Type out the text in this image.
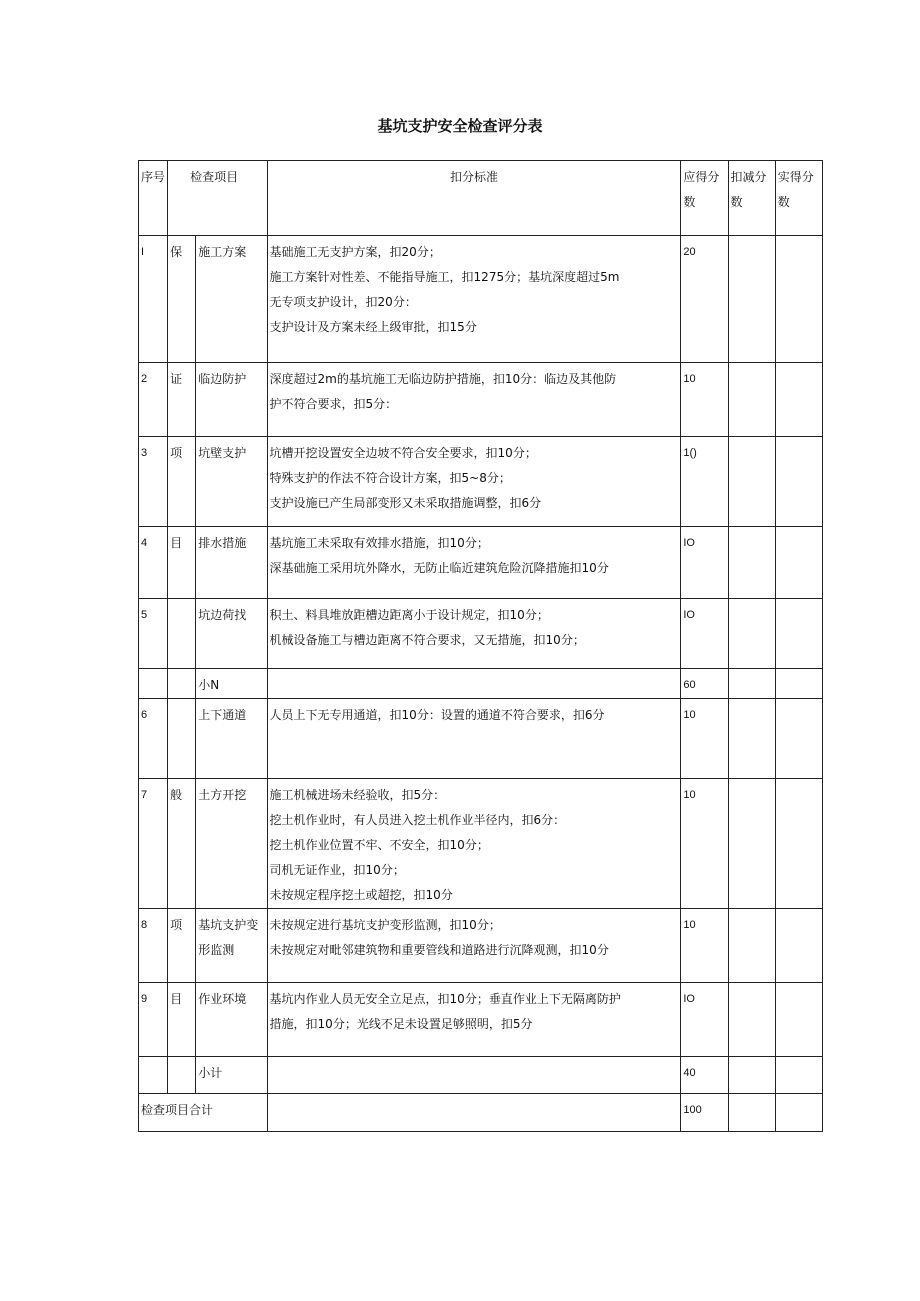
基坑支护安全检查评分表
序号	检查项目		扣分标准	应得分数	扣减分数	实得分数
I	保	施工方案	基础施工无支护方案，扣20分；
施工方案针对性差、不能指导施工，扣1275分；基坑深度超过5m
无专项支护设计，扣20分：
支护设计及方案未经上级审批，扣15分	20		
2	证	临边防护	深度超过2m的基坑施工无临边防护措施，扣10分：临边及其他防
护不符合要求，扣5分：	10		
3	项	坑壁支护	坑槽开挖设置安全边坡不符合安全要求，扣10分；
特殊支护的作法不符合设计方案，扣5~8分；
支护设施已产生局部变形又未采取措施调整，扣6分	1()		
4	目	排水措施	基坑施工未采取有效排水措施，扣10分；
深基础施工采用坑外降水，无防止临近建筑危险沉降措施扣10分	IO		
5		坑边荷找	积土、料具堆放距槽边距离小于设计规定，扣10分；
机械设备施工与槽边距离不符合要求，又无措施，扣10分；	IO		
		小N		60		
6		上下通道	人员上下无专用通道，扣10分：设置的通道不符合要求，扣6分	10		
7	般	土方开挖	施工机械进场未经验收，扣5分：
挖土机作业时，有人员进入挖土机作业半径内，扣6分：
挖土机作业位置不牢、不安全，扣10分；
司机无证作业，扣10分；
未按规定程序挖土或超挖，扣10分	10		
8	项	基坑支护变形监测	未按规定进行基坑支护变形监测，扣10分；
未按规定对毗邻建筑物和重要管线和道路进行沉降观测，扣10分	10		
9	目	作业环境	基坑内作业人员无安全立足点，扣10分；垂直作业上下无隔离防护
措施，扣10分；光线不足未设置足够照明，扣5分	IO		
		小计		40		
检查项目合计				100		
